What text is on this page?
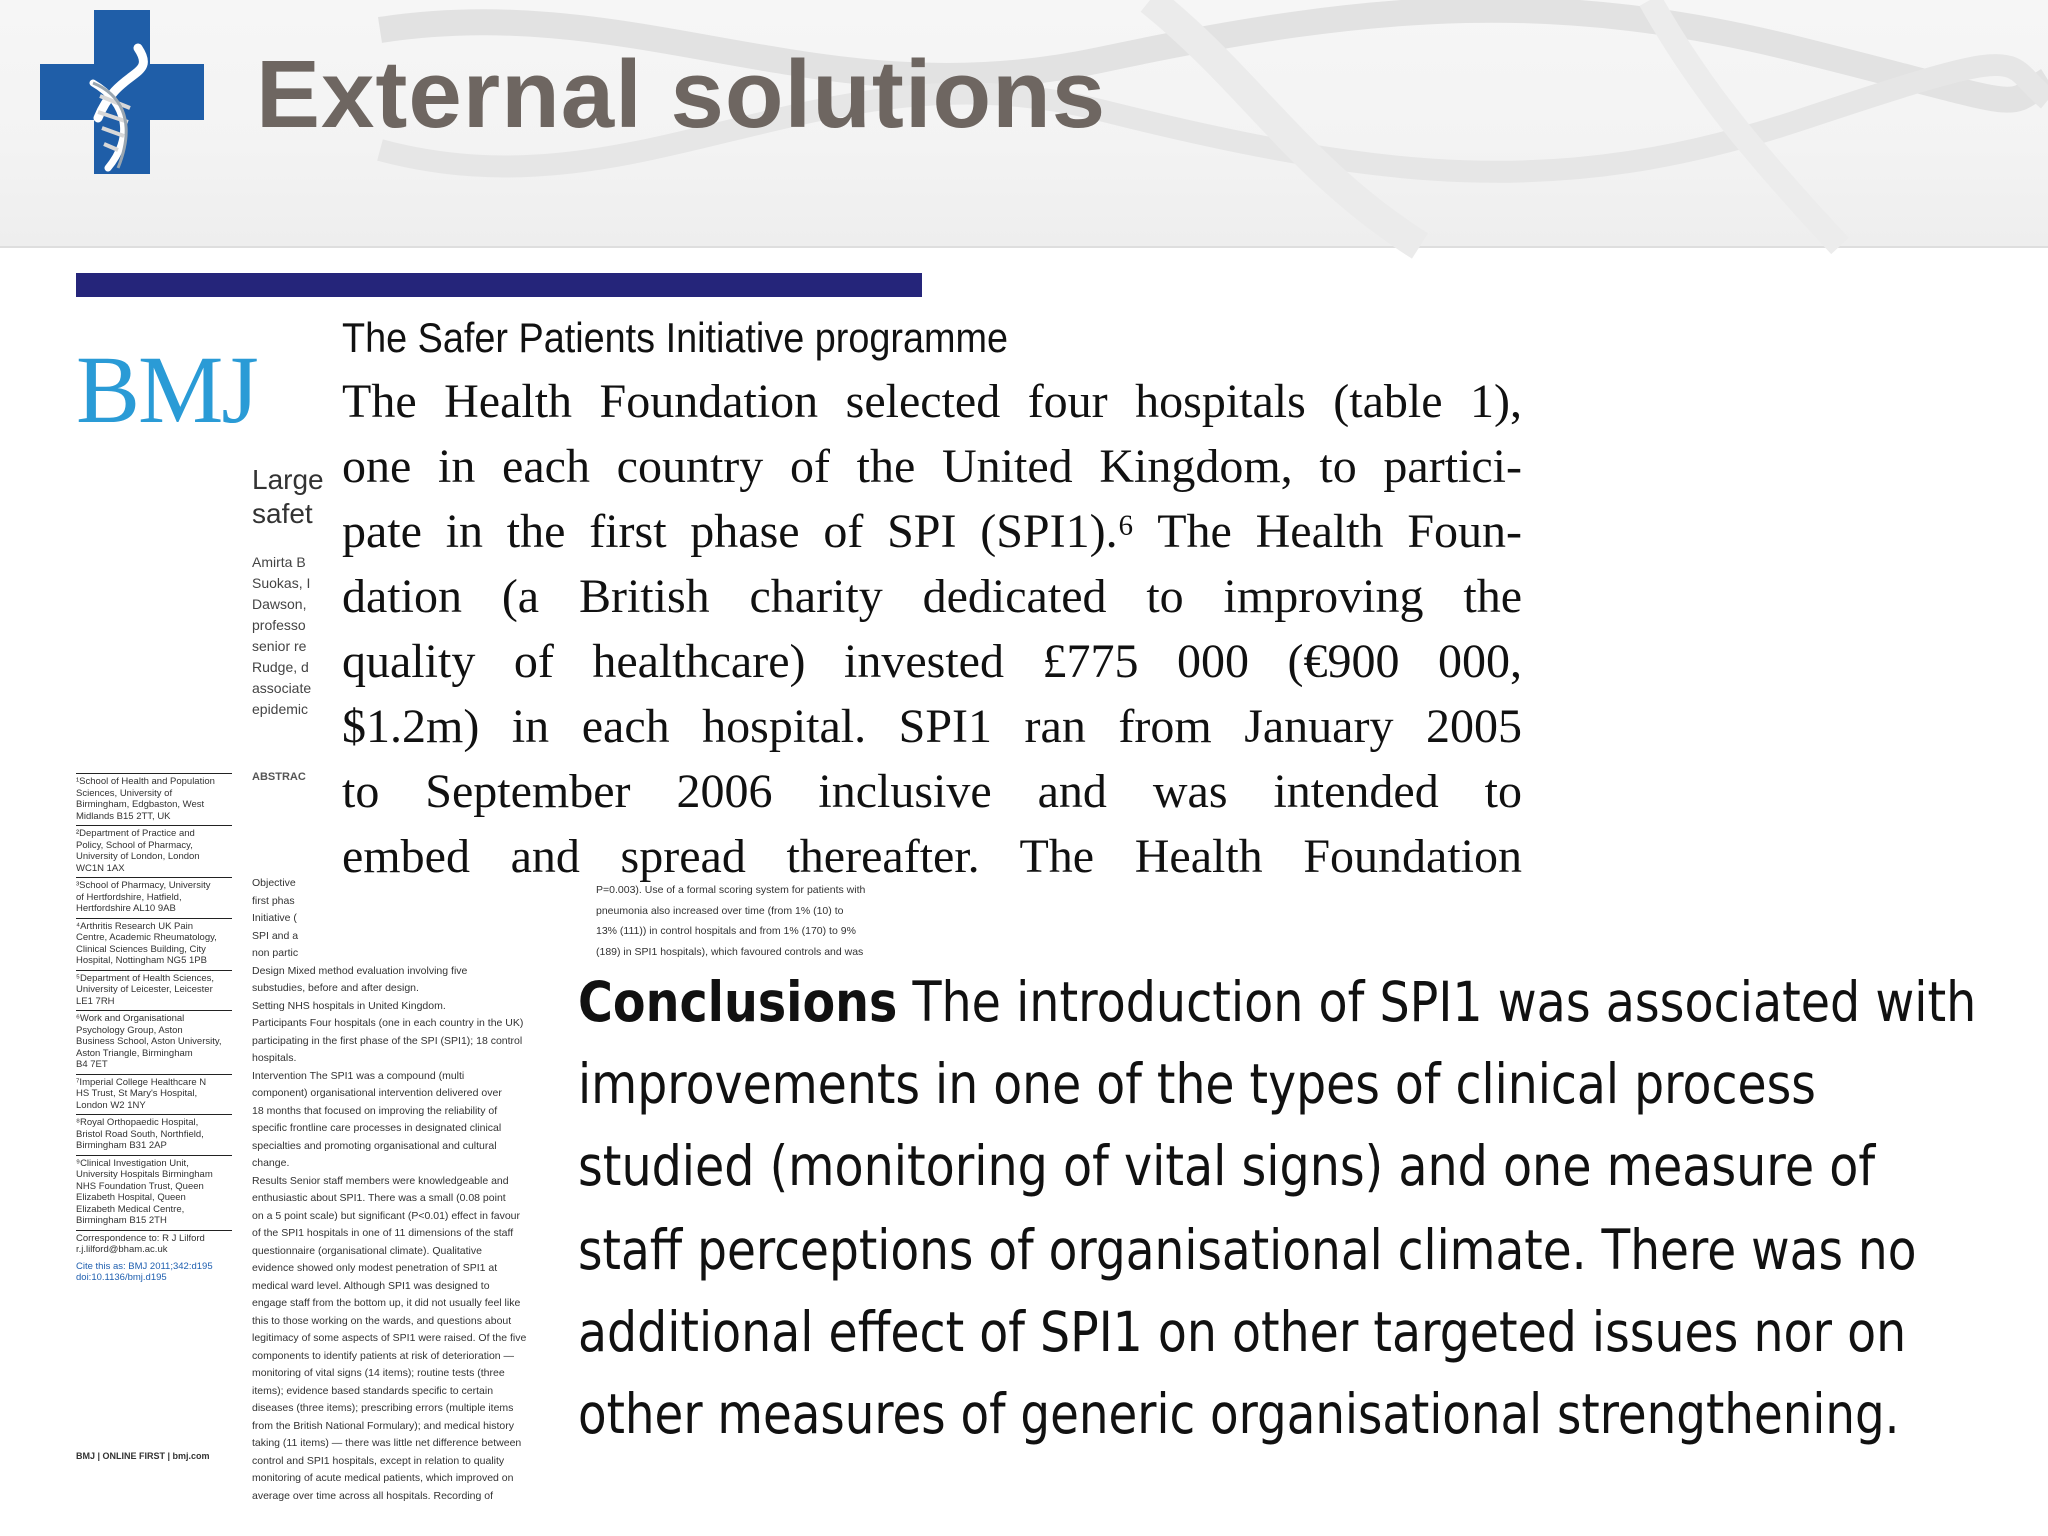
External solutions
BMJ
Large
safet
Amirta B
Suokas, I
Dawson,
professo
senior re
Rudge, d
associate
epidemic
¹School of Health and Population
Sciences, University of
Birmingham, Edgbaston, West
Midlands B15 2TT, UK
²Department of Practice and
Policy, School of Pharmacy,
University of London, London
WC1N 1AX
³School of Pharmacy, University
of Hertfordshire, Hatfield,
Hertfordshire AL10 9AB
⁴Arthritis Research UK Pain
Centre, Academic Rheumatology,
Clinical Sciences Building, City
Hospital, Nottingham NG5 1PB
⁵Department of Health Sciences,
University of Leicester, Leicester
LE1 7RH
⁶Work and Organisational
Psychology Group, Aston
Business School, Aston University,
Aston Triangle, Birmingham
B4 7ET
⁷Imperial College Healthcare N
HS Trust, St Mary's Hospital,
London W2 1NY
⁸Royal Orthopaedic Hospital,
Bristol Road South, Northfield,
Birmingham B31 2AP
⁹Clinical Investigation Unit,
University Hospitals Birmingham
NHS Foundation Trust, Queen
Elizabeth Hospital, Queen
Elizabeth Medical Centre,
Birmingham B15 2TH
Correspondence to: R J Lilford
r.j.lilford@bham.ac.uk
Cite this as: BMJ 2011;342:d195
doi:10.1136/bmj.d195
ABSTRAC

Objective

first phas

Initiative (

SPI and a

non partic

Design Mixed method evaluation involving five

substudies, before and after design.

Setting NHS hospitals in United Kingdom.

Participants Four hospitals (one in each country in the UK)

participating in the first phase of the SPI (SPI1); 18 control

hospitals.

Intervention The SPI1 was a compound (multi

component) organisational intervention delivered over

18 months that focused on improving the reliability of

specific frontline care processes in designated clinical

specialties and promoting organisational and cultural

change.

Results Senior staff members were knowledgeable and

enthusiastic about SPI1. There was a small (0.08 point

on a 5 point scale) but significant (P<0.01) effect in favour

of the SPI1 hospitals in one of 11 dimensions of the staff

questionnaire (organisational climate). Qualitative

evidence showed only modest penetration of SPI1 at

medical ward level. Although SPI1 was designed to

engage staff from the bottom up, it did not usually feel like

this to those working on the wards, and questions about

legitimacy of some aspects of SPI1 were raised. Of the five

components to identify patients at risk of deterioration —

monitoring of vital signs (14 items); routine tests (three

items); evidence based standards specific to certain

diseases (three items); prescribing errors (multiple items

from the British National Formulary); and medical history

taking (11 items) — there was little net difference between

control and SPI1 hospitals, except in relation to quality

monitoring of acute medical patients, which improved on

average over time across all hospitals. Recording of

P=0.003). Use of a formal scoring system for patients with

pneumonia also increased over time (from 1% (10) to

13% (111)) in control hospitals and from 1% (170) to 9%

(189) in SPI1 hospitals), which favoured controls and was

BMJ | ONLINE FIRST | bmj.com
The Safer Patients Initiative programme
The Health Foundation selected four hospitals (table 1),
one in each country of the United Kingdom, to partici-
pate in the first phase of SPI (SPI1).⁶ The Health Foun-
dation (a British charity dedicated to improving the
quality of healthcare) invested £775 000 (€900 000,
$1.2m) in each hospital. SPI1 ran from January 2005
to September 2006 inclusive and was intended to
embed and spread thereafter. The Health Foundation
Conclusions The introduction of SPI1 was associated with
improvements in one of the types of clinical process
studied (monitoring of vital signs) and one measure of
staff perceptions of organisational climate. There was no
additional effect of SPI1 on other targeted issues nor on
other measures of generic organisational strengthening.
